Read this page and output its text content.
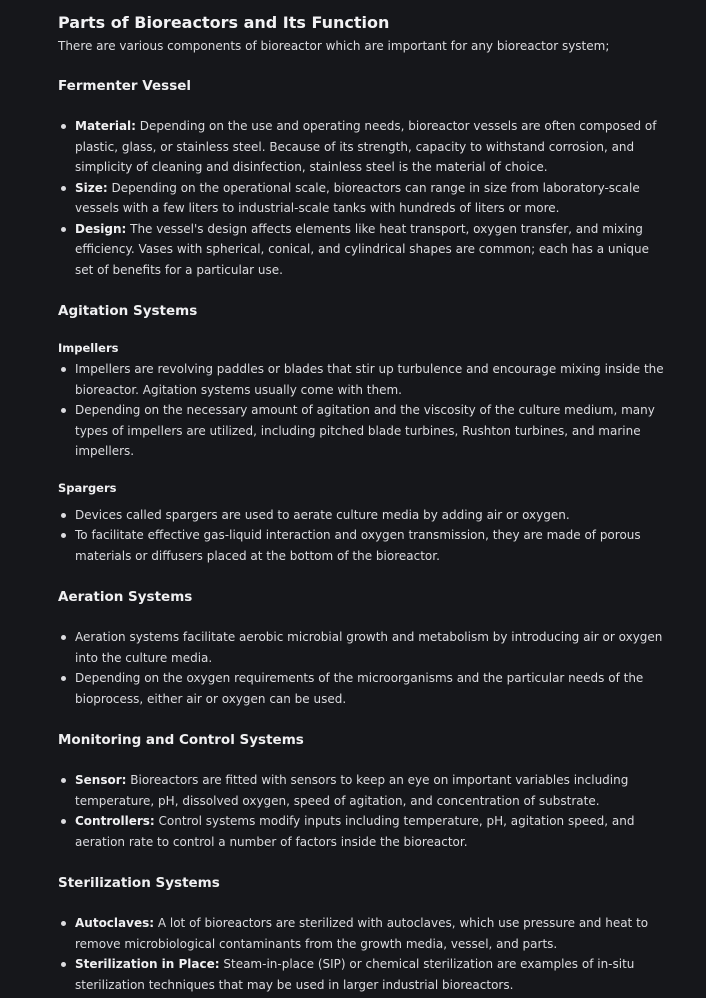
Parts of Bioreactors and Its Function

There are various components of bioreactor which are important for any bioreactor system;

Fermenter Vessel
Material: Depending on the use and operating needs, bioreactor vessels are often composed of plastic, glass, or stainless steel. Because of its strength, capacity to withstand corrosion, and simplicity of cleaning and disinfection, stainless steel is the material of choice.
Size: Depending on the operational scale, bioreactors can range in size from laboratory-scale vessels with a few liters to industrial-scale tanks with hundreds of liters or more.
Design: The vessel's design affects elements like heat transport, oxygen transfer, and mixing efficiency. Vases with spherical, conical, and cylindrical shapes are common; each has a unique set of benefits for a particular use.
Agitation Systems
Impellers
Impellers are revolving paddles or blades that stir up turbulence and encourage mixing inside the bioreactor. Agitation systems usually come with them.
Depending on the necessary amount of agitation and the viscosity of the culture medium, many types of impellers are utilized, including pitched blade turbines, Rushton turbines, and marine impellers.
Spargers
Devices called spargers are used to aerate culture media by adding air or oxygen.
To facilitate effective gas-liquid interaction and oxygen transmission, they are made of porous materials or diffusers placed at the bottom of the bioreactor.
Aeration Systems
Aeration systems facilitate aerobic microbial growth and metabolism by introducing air or oxygen into the culture media.
Depending on the oxygen requirements of the microorganisms and the particular needs of the bioprocess, either air or oxygen can be used.
Monitoring and Control Systems
Sensor: Bioreactors are fitted with sensors to keep an eye on important variables including temperature, pH, dissolved oxygen, speed of agitation, and concentration of substrate.
Controllers: Control systems modify inputs including temperature, pH, agitation speed, and aeration rate to control a number of factors inside the bioreactor.
Sterilization Systems
Autoclaves: A lot of bioreactors are sterilized with autoclaves, which use pressure and heat to remove microbiological contaminants from the growth media, vessel, and parts.
Sterilization in Place: Steam-in-place (SIP) or chemical sterilization are examples of in-situ sterilization techniques that may be used in larger industrial bioreactors.
